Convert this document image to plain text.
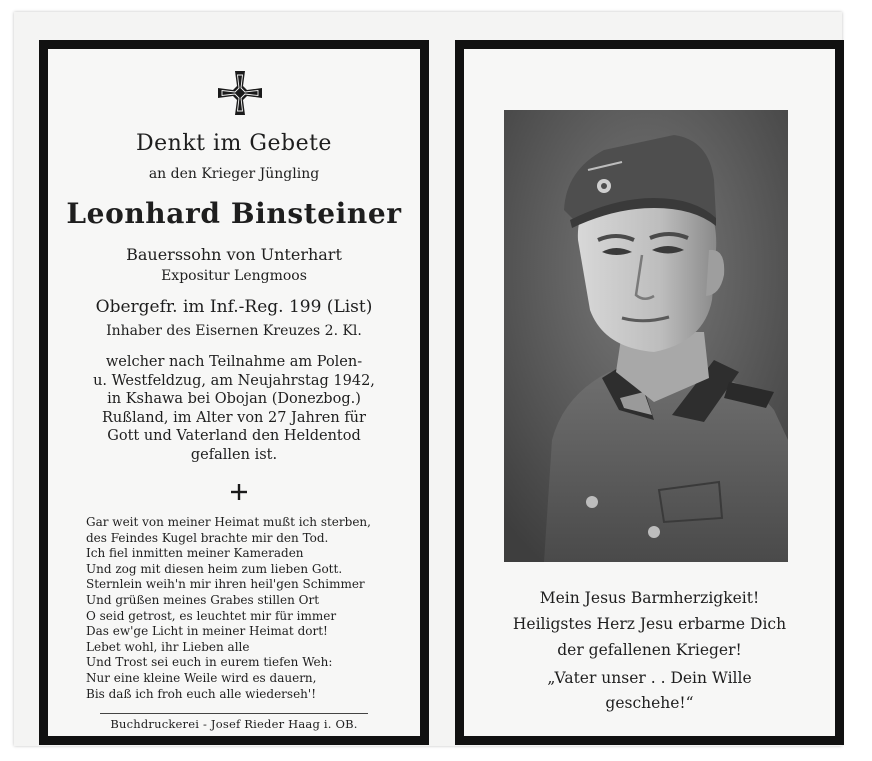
Denkt im Gebete
an den Krieger Jüngling
Leonhard Binsteiner
Bauerssohn von Unterhart
Expositur Lengmoos
Obergefr. im Inf.-Reg. 199 (List)
Inhaber des Eisernen Kreuzes 2. Kl.
welcher nach Teilnahme am Polen-
u. Westfeldzug, am Neujahrstag 1942,
in Kshawa bei Obojan (Donezbog.)
Rußland, im Alter von 27 Jahren für
Gott und Vaterland den Heldentod
gefallen ist.
Gar weit von meiner Heimat mußt ich sterben,
des Feindes Kugel brachte mir den Tod.
Ich fiel inmitten meiner Kameraden
Und zog mit diesen heim zum lieben Gott.
Sternlein weih'n mir ihren heil'gen Schimmer
Und grüßen meines Grabes stillen Ort
O seid getrost, es leuchtet mir für immer
Das ew'ge Licht in meiner Heimat dort!
Lebet wohl, ihr Lieben alle
Und Trost sei euch in eurem tiefen Weh:
Nur eine kleine Weile wird es dauern,
Bis daß ich froh euch alle wiederseh'!
Buchdruckerei - Josef Rieder Haag i. OB.
Mein Jesus Barmherzigkeit!
Heiligstes Herz Jesu erbarme Dich
der gefallenen Krieger!
„Vater unser . . Dein Wille
geschehe!“
